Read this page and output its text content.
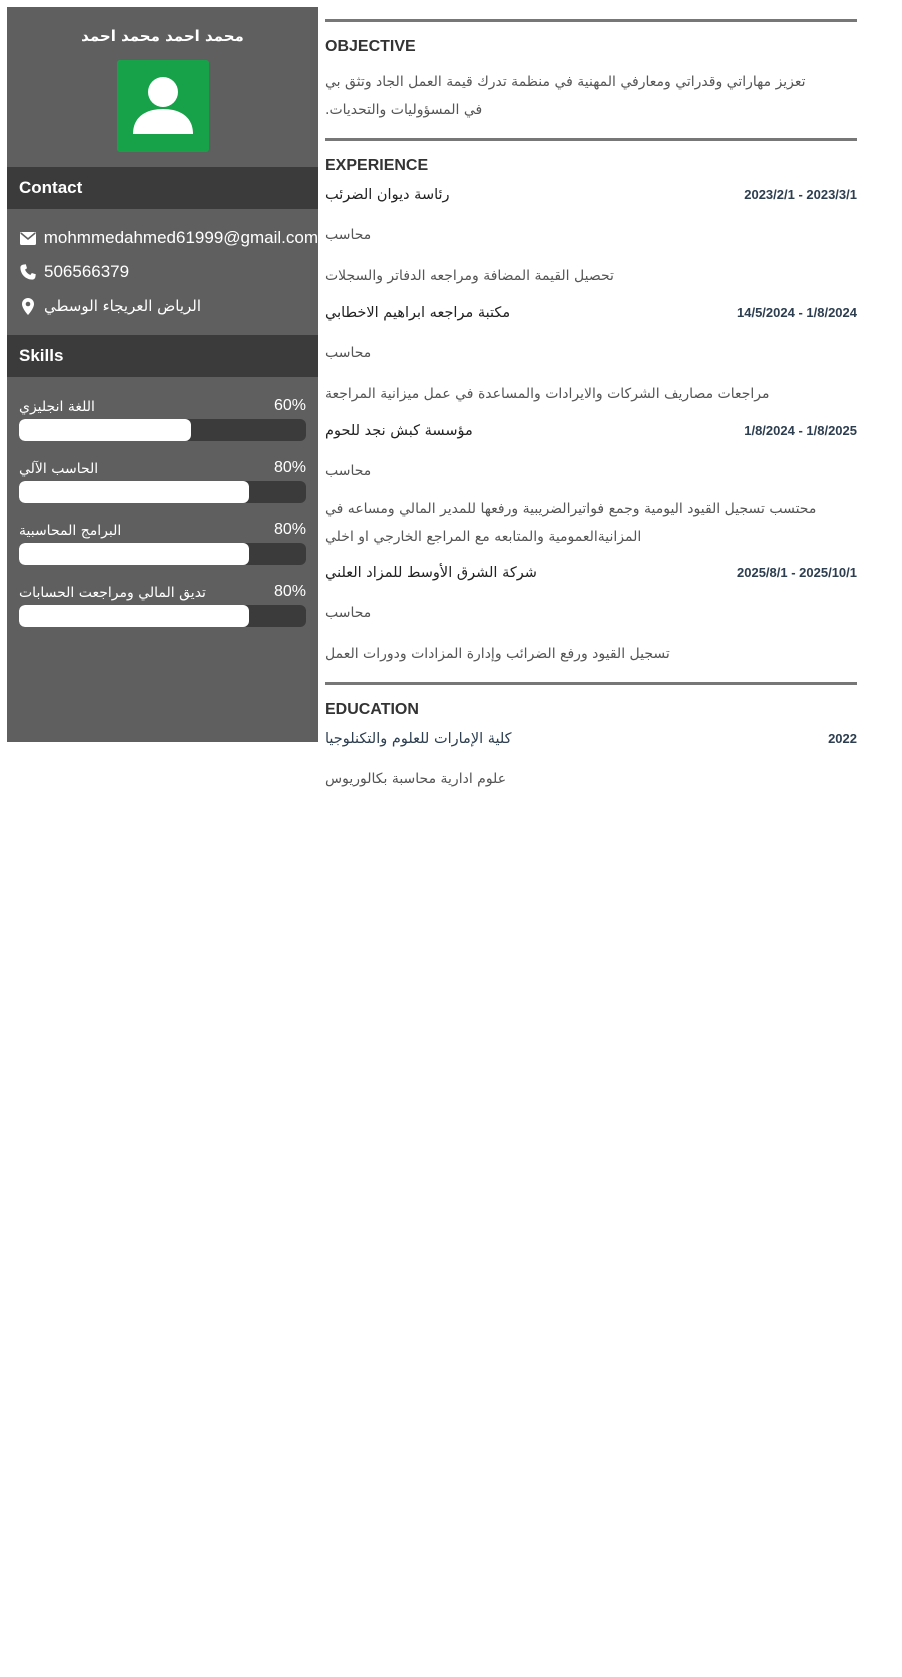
محمد احمد محمد احمد
Contact
mohmmedahmed61999@gmail.com
506566379
الرياض العريجاء الوسطي
Skills
اللغة انجليزي	60%
الحاسب الآلي	80%
البرامج المحاسبية	80%
تديق المالي ومراجعت الحسابات	80%
OBJECTIVE
تعزيز مهاراتي وقدراتي ومعارفي المهنية في منظمة تدرك قيمة العمل الجاد وتثق بي في المسؤوليات والتحديات.
EXPERIENCE
رئاسة ديوان الضرئب	2023/2/1 - 2023/3/1
محاسب
تحصيل القيمة المضافة ومراجعه الدفاتر والسجلات
مكتبة مراجعه ابراهيم الاخطابي	14/5/2024 - 1/8/2024
محاسب
مراجعات مصاريف الشركات والايرادات والمساعدة في عمل ميزانية المراجعة
مؤسسة كبش نجد للحوم	1/8/2024 - 1/8/2025
محاسب
محتسب تسجيل القيود اليومية وجمع فواتيرالضريبية ورفعها للمدير المالي ومساعه في المزانيةالعمومية والمتابعه مع المراجع الخارجي او اخلي
شركة الشرق الأوسط للمزاد العلني	2025/8/1 - 2025/10/1
محاسب
تسجيل القيود ورفع الضرائب وإدارة المزادات ودورات العمل
EDUCATION
كلية الإمارات للعلوم والتكنلوجيا	2022
علوم ادارية محاسبة بكالوريوس
